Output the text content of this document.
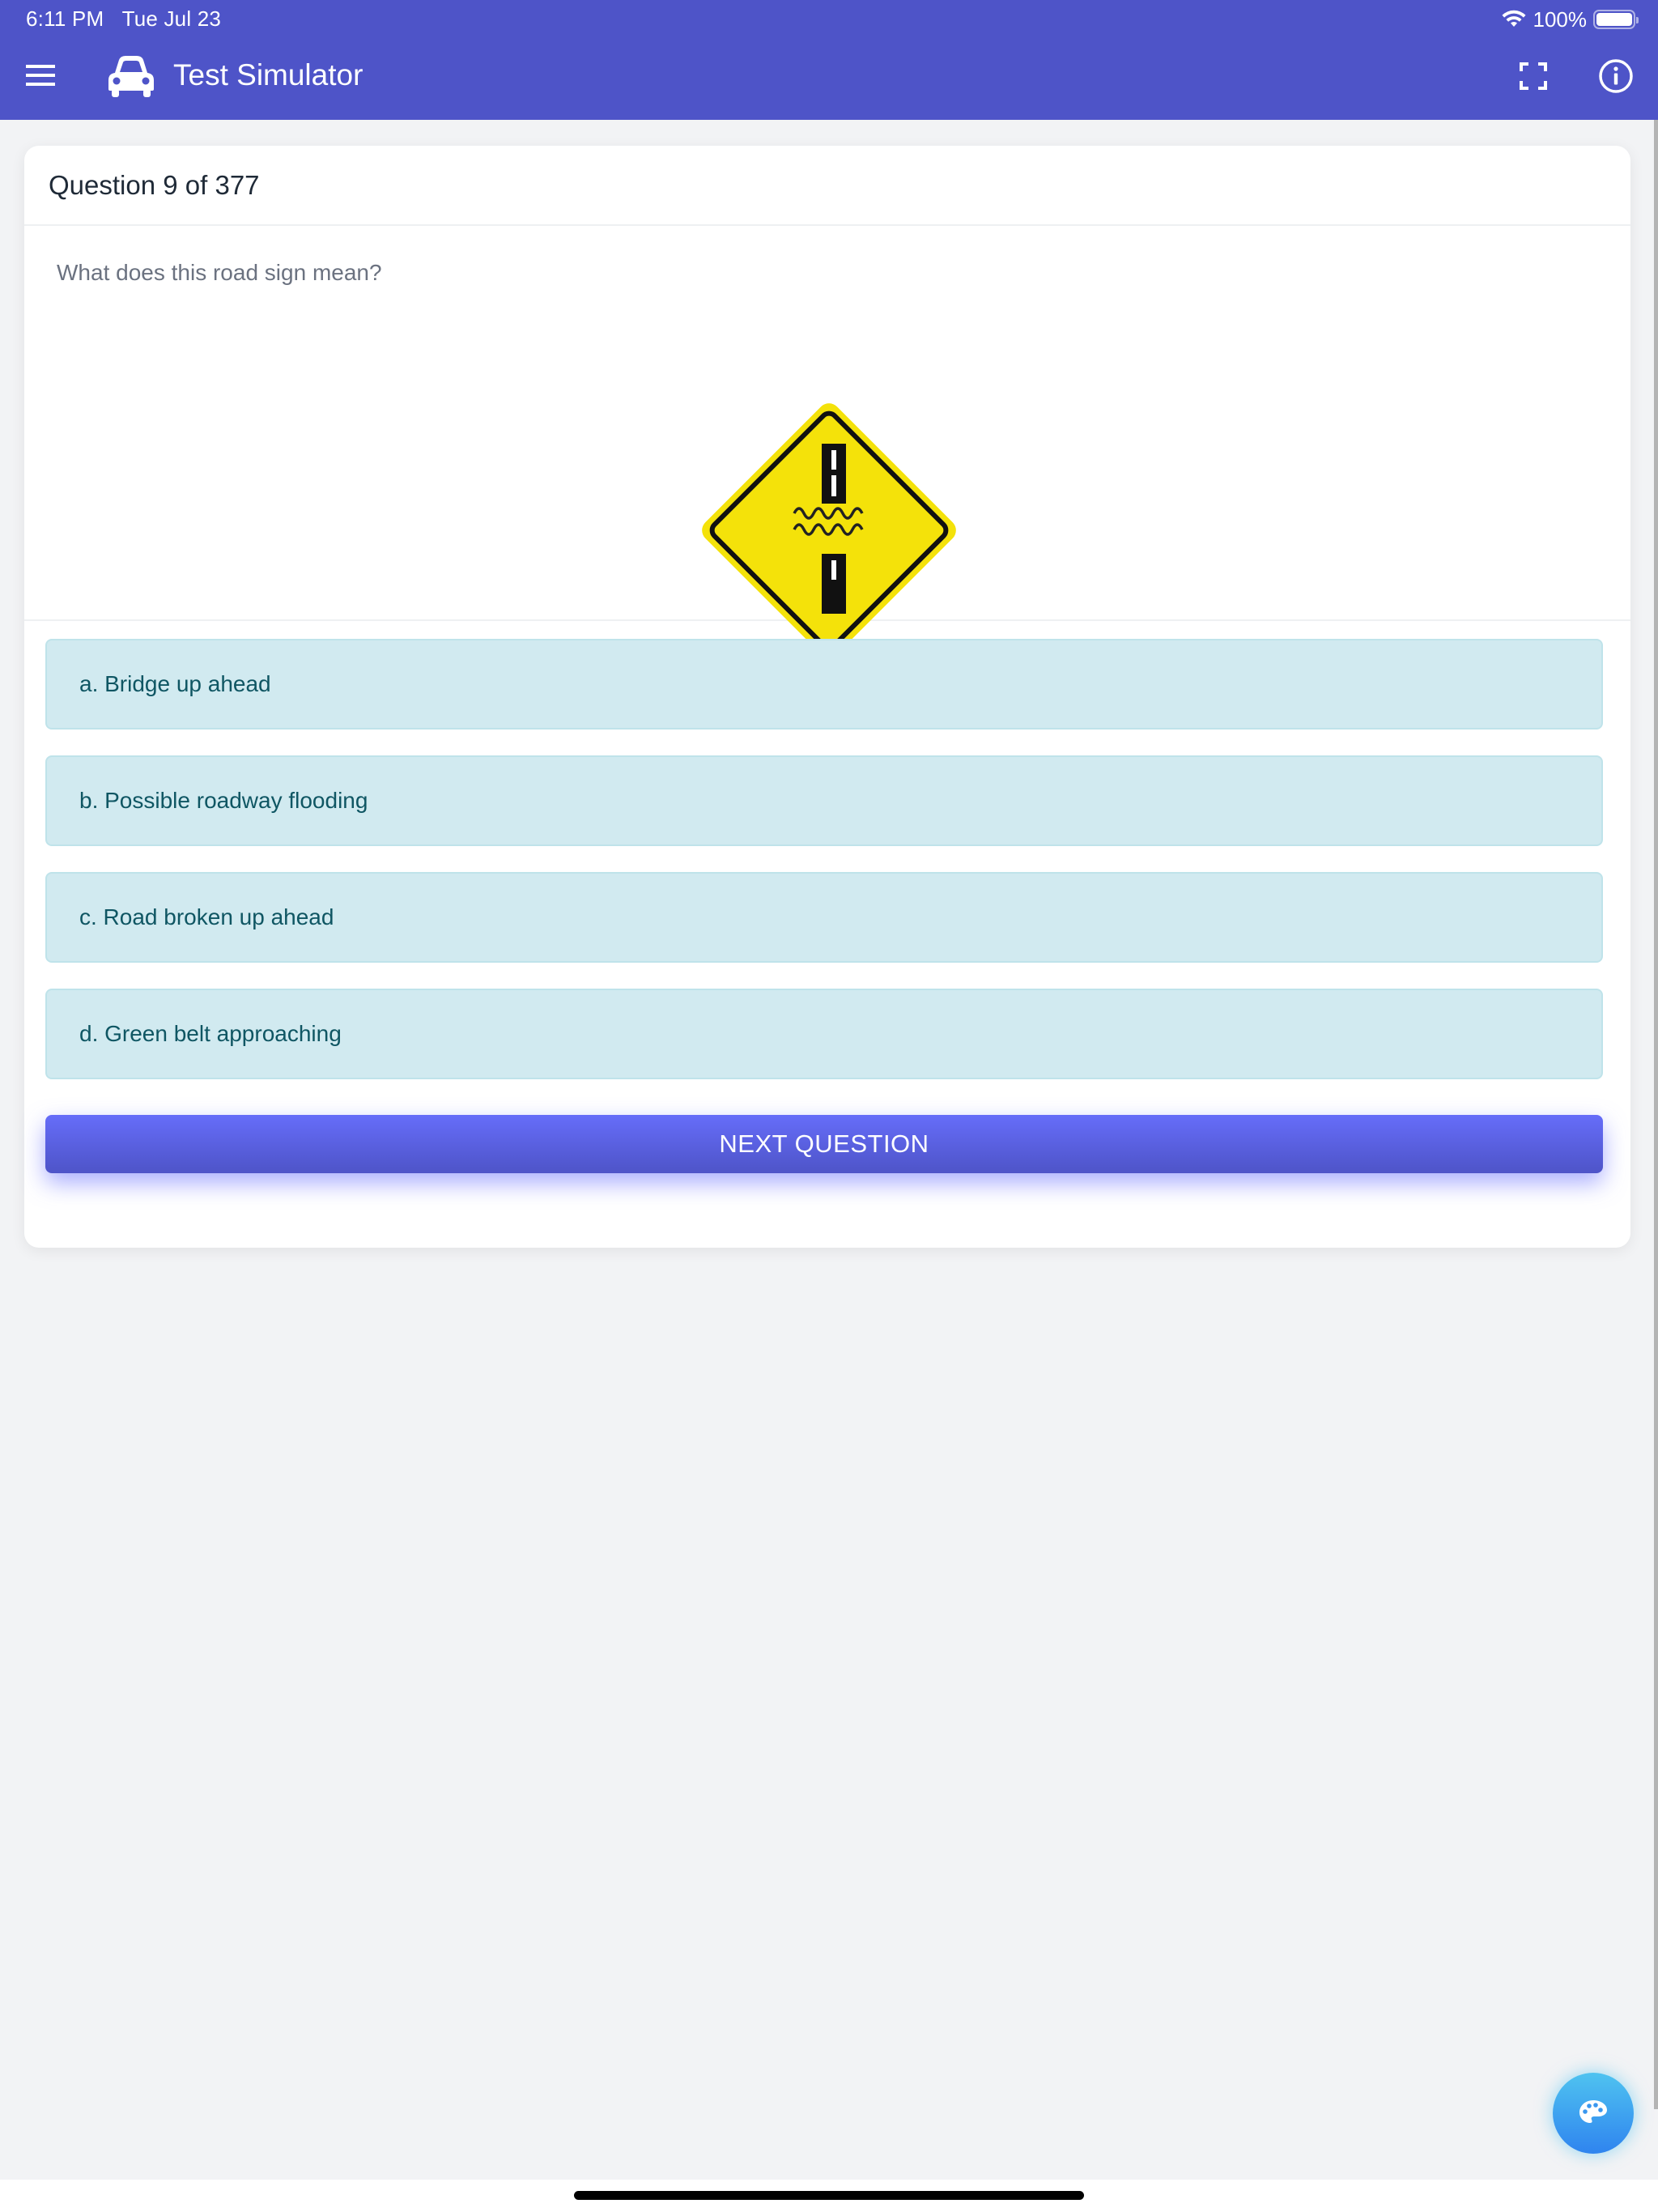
6:11 PM Tue Jul 23	100%
Test Simulator
Question 9 of 377

What does this road sign mean?

a. Bridge up ahead
b. Possible roadway flooding
c. Road broken up ahead
d. Green belt approaching
NEXT QUESTION
